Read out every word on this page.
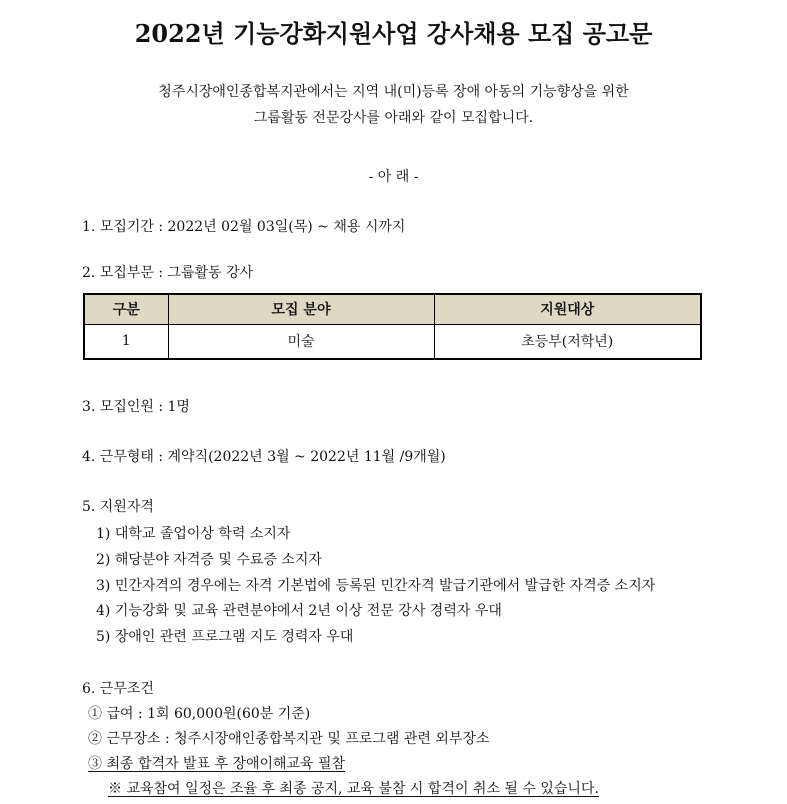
2022년 기능강화지원사업 강사채용 모집 공고문
청주시장애인종합복지관에서는 지역 내(미)등록 장애 아동의 기능향상을 위한
그룹활동 전문강사를 아래와 같이 모집합니다.
- 아 래 -
1. 모집기간 : 2022년 02월 03일(목) ~ 채용 시까지
2. 모집부문 : 그룹활동 강사
구분	모집 분야	지원대상
1	미술	초등부(저학년)
3. 모집인원 : 1명
4. 근무형태 : 계약직(2022년 3월 ~ 2022년 11월 /9개월)
5. 지원자격
1) 대학교 졸업이상 학력 소지자
2) 해당분야 자격증 및 수료증 소지자
3) 민간자격의 경우에는 자격 기본법에 등록된 민간자격 발급기관에서 발급한 자격증 소지자
4) 기능강화 및 교육 관련분야에서 2년 이상 전문 강사 경력자 우대
5) 장애인 관련 프로그램 지도 경력자 우대
6. 근무조건
① 급여 : 1회 60,000원(60분 기준)
② 근무장소 : 청주시장애인종합복지관 및 프로그램 관련 외부장소
③ 최종 합격자 발표 후 장애이해교육 필참
※ 교육참여 일정은 조율 후 최종 공지, 교육 불참 시 합격이 취소 될 수 있습니다.
